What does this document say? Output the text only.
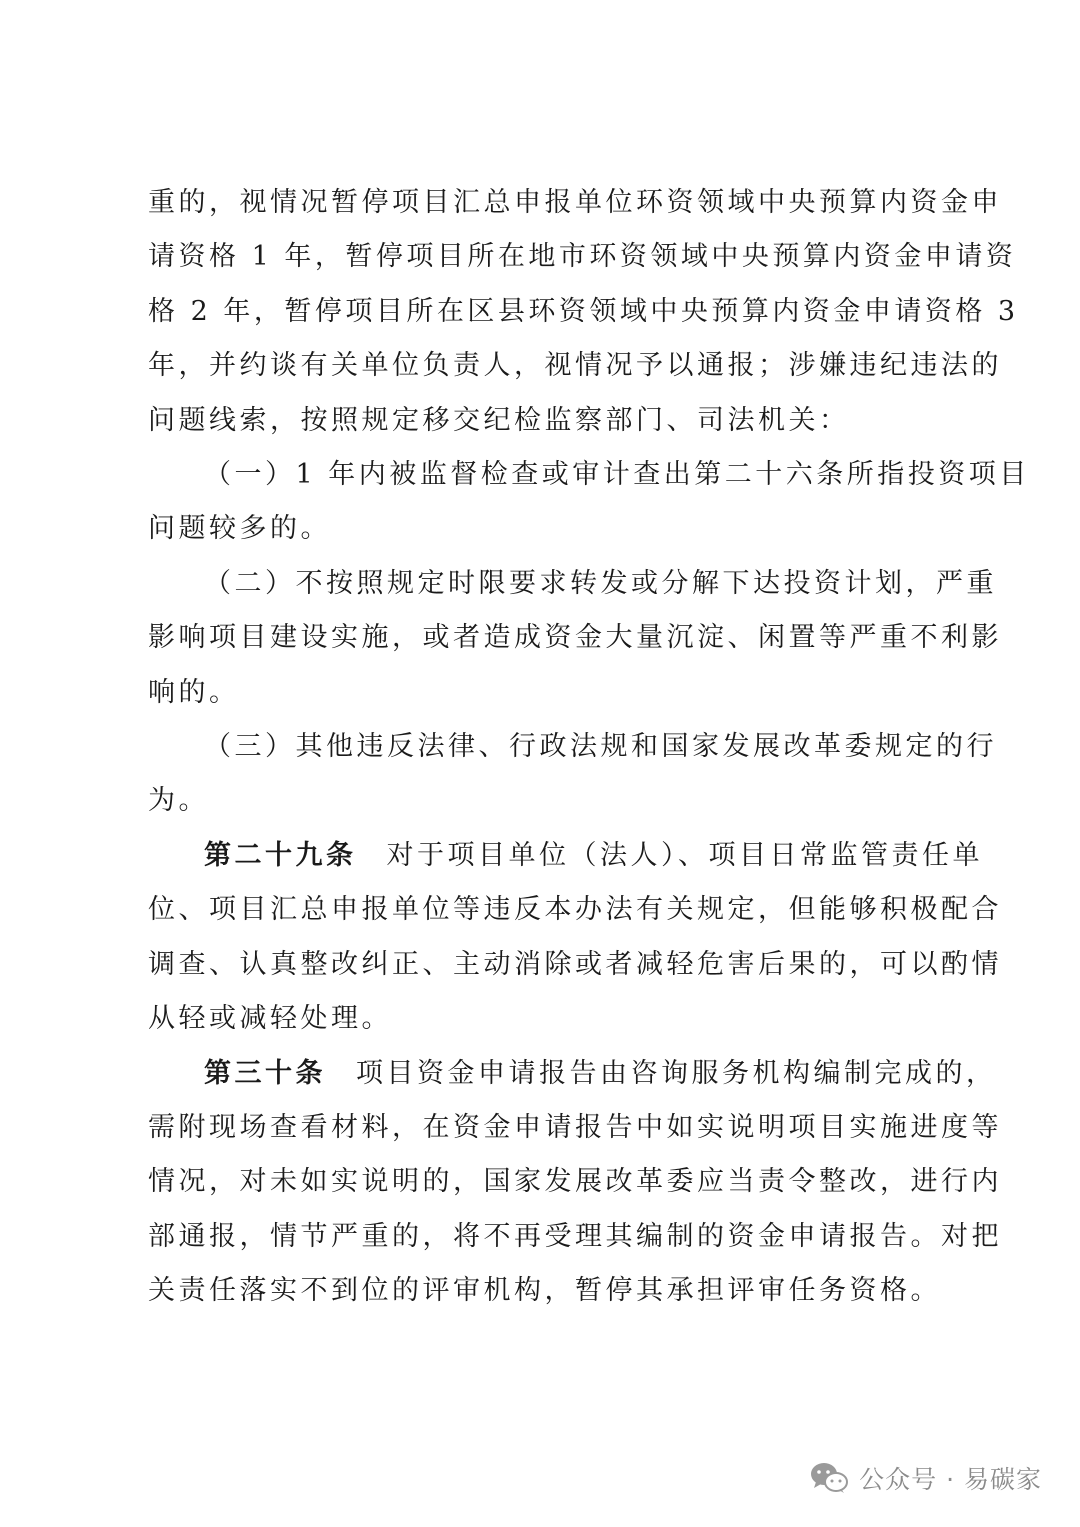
重的，视情况暂停项目汇总申报单位环资领域中央预算内资金申
请资格 1 年，暂停项目所在地市环资领域中央预算内资金申请资
格 2 年，暂停项目所在区县环资领域中央预算内资金申请资格 3
年，并约谈有关单位负责人，视情况予以通报；涉嫌违纪违法的
问题线索，按照规定移交纪检监察部门、司法机关：
（一）1 年内被监督检查或审计查出第二十六条所指投资项目
问题较多的。
（二）不按照规定时限要求转发或分解下达投资计划，严重
影响项目建设实施，或者造成资金大量沉淀、闲置等严重不利影
响的。
（三）其他违反法律、行政法规和国家发展改革委规定的行
为。
第二十九条 对于项目单位（法人）、项目日常监管责任单
位、项目汇总申报单位等违反本办法有关规定，但能够积极配合
调查、认真整改纠正、主动消除或者减轻危害后果的，可以酌情
从轻或减轻处理。
第三十条 项目资金申请报告由咨询服务机构编制完成的，
需附现场查看材料，在资金申请报告中如实说明项目实施进度等
情况，对未如实说明的，国家发展改革委应当责令整改，进行内
部通报，情节严重的，将不再受理其编制的资金申请报告。对把
关责任落实不到位的评审机构，暂停其承担评审任务资格。
公众号 · 易碳家
